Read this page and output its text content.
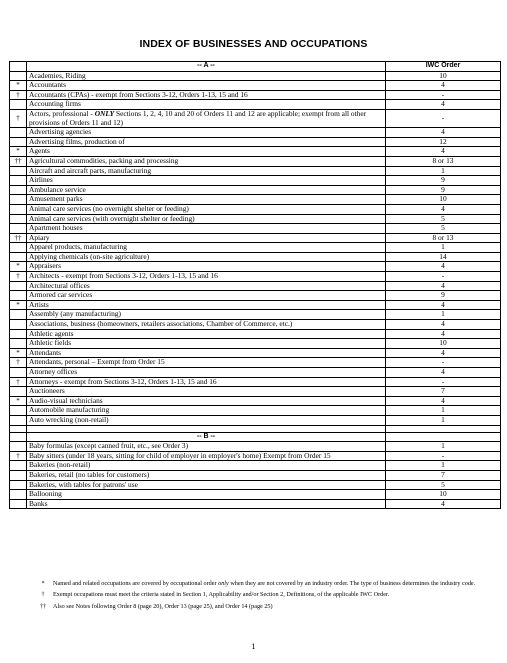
INDEX OF BUSINESSES AND OCCUPATIONS
	-- A --	IWC Order
	Academies, Riding	10
*	Accountants	4
†	Accountants (CPAs) - exempt from Sections 3-12, Orders 1-13, 15 and 16	-
	Accounting firms	4
†	Actors, professional - ONLY Sections 1, 2, 4, 10 and 20 of Orders 11 and 12 are applicable; exempt from all other provisions of Orders 11 and 12)	-
	Advertising agencies	4
	Advertising films, production of	12
*	Agents	4
††	Agricultural commodities, packing and processing	8 or 13
	Aircraft and aircraft parts, manufacturing	1
	Airlines	9
	Ambulance service	9
	Amusement parks	10
	Animal care services (no overnight shelter or feeding)	4
	Animal care services (with overnight shelter or feeding)	5
	Apartment houses	5
††	Apiary	8 or 13
	Apparel products, manufacturing	1
	Applying chemicals (on-site agriculture)	14
*	Appraisers	4
†	Architects - exempt from Sections 3-12, Orders 1-13, 15 and 16	-
	Architectural offices	4
	Armored car services	9
*	Artists	4
	Assembly (any manufacturing)	1
	Associations, business (homeowners, retailers associations, Chamber of Commerce, etc.)	4
	Athletic agents	4
	Athletic fields	10
*	Attendants	4
†	Attendants, personal – Exempt from Order 15	-
	Attorney offices	4
†	Attorneys - exempt from Sections 3-12, Orders 1-13, 15 and 16	-
	Auctioneers	7
*	Audio-visual technicians	4
	Automobile manufacturing	1
	Auto wrecking (non-retail)	1

	-- B --	
	Baby formulas (except canned fruit, etc., see Order 3)	1
†	Baby sitters (under 18 years, sitting for child of employer in employer's home) Exempt from Order 15	-
	Bakeries (non-retail)	1
	Bakeries, retail (no tables for customers)	7
	Bakeries, with tables for patrons' use	5
	Ballooning	10
	Banks	4
*	Named and related occupations are covered by occupational order only when they are not covered by an industry order. The type of business determines the industry code.
†	Exempt occupations must meet the criteria stated in Section 1, Applicability and/or Section 2, Definitions, of the applicable IWC Order.
††	Also see Notes following Order 8 (page 20), Order 13 (page 25), and Order 14 (page 25)
1
